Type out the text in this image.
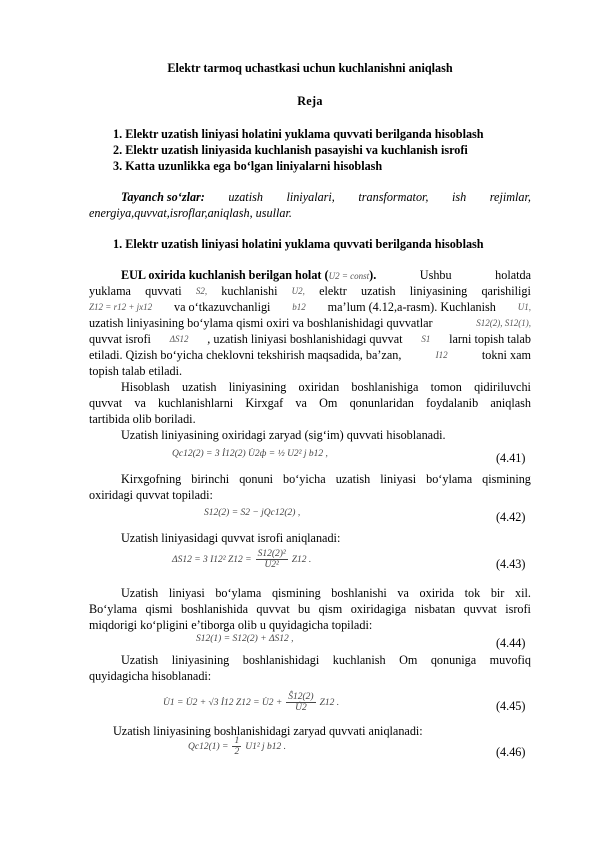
Elektr tarmoq uchastkasi uchun kuchlanishni aniqlash

Reja

1. Elektr uzatish liniyasi holatini yuklama quvvati berilganda hisoblash
2. Elektr uzatish liniyasida kuchlanish pasayishi va kuchlanish isrofi
3. Katta uzunlikka ega bo‘lgan liniyalarni hisoblash
Tayanch so‘zlar: uzatish liniyalari, transformator, ish rejimlar,

energiya,quvvat,isroflar,aniqlash, usullar.

1. Elektr uzatish liniyasi holatini yuklama quvvati berilganda hisoblash

EUL oxirida kuchlanish berilgan holat (U2 = const).	Ushbu	holatda
yuklama quvvati S2, kuchlanishi U2, elektr uzatish liniyasining qarishiligi
Z12 = r12 + jx12 va o‘tkazuvchanligi b12 ma’lum (4.12,a-rasm). Kuchlanish U1,
uzatish liniyasining bo‘ylama qismi oxiri va boshlanishidagi quvvatlar	S12(2), S12(1),
quvvat isrofi ΔS12 , uzatish liniyasi boshlanishidagi quvvat S1 larni topish talab
etiladi. Qizish bo‘yicha cheklovni tekshirish maqsadida, ba’zan,	I12	tokni xam

topish talab etiladi.

Hisoblash uzatish liniyasining oxiridan boshlanishiga tomon qidiriluvchi
quvvat va kuchlanishlarni Kirxgaf va Om qonunlaridan foydalanib aniqlash

tartibida olib boriladi.

Uzatish liniyasining oxiridagi zaryad (sig‘im) quvvati hisoblanadi.

Qc12(2) = 3 İ12(2) U̇2ф = ½ U2² j b12 ,	(4.41)
Kirxgofning birinchi qonuni bo‘yicha uzatish liniyasi bo‘ylama qismining

oxiridagi quvvat topiladi:

S12(2) = S2 − jQc12(2) ,	(4.42)

Uzatish liniyasidagi quvvat isrofi aniqlanadi:

ΔS12 = 3 I12² $Z12 = \frac{\text{S12(2)²}}{\text{U2²}} Z12$ .	(4.43)
Uzatish liniyasi bo‘ylama qismining boshlanishi va oxirida tok bir xil.
Bo‘ylama qismi boshlanishida quvvat bu qism oxiridagiga nisbatan quvvat isrofi

miqdorigi ko‘pligini e’tiborga olib u quyidagicha topiladi:

S12(1) = S12(2) + ΔS12 ,	(4.44)
Uzatish liniyasining boshlanishidagi kuchlanish Om qonuniga muvofiq

quyidagicha hisoblanadi:

U̇1 = U̇2 + √3 İ12 Z12 = U̇2 + $\frac{Ŝ12(2)}{Û2} Z12$ .	(4.45)

Uzatish liniyasining boshlanishidagi zaryad quvvati aniqlanadi:

$Qc12(1) = \frac{1}{2} U1^2$ j b12 .	(4.46)
